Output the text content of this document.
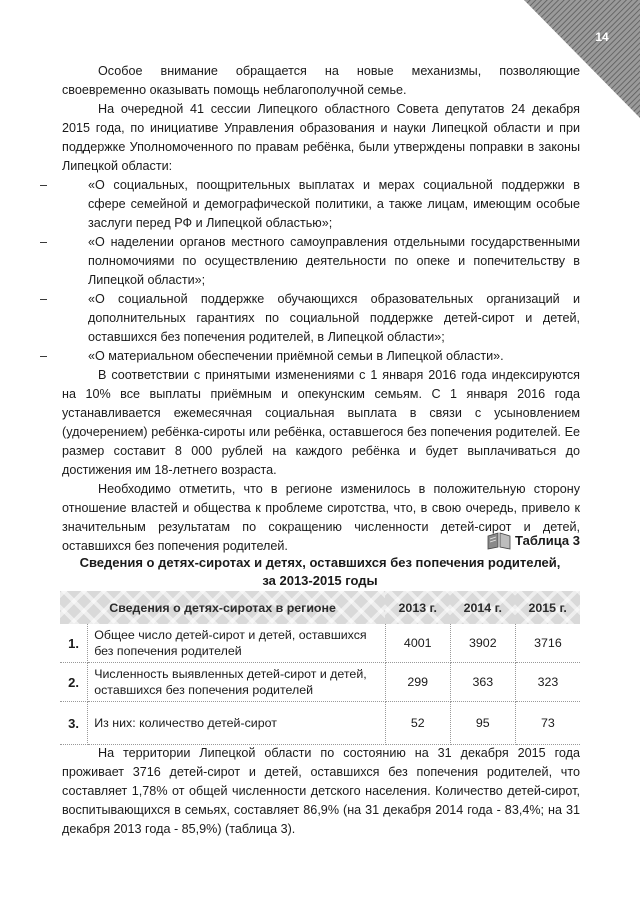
14

Особое внимание обращается на новые механизмы, позволяющие своевременно оказывать помощь неблагополучной семье.

На очередной 41 сессии Липецкого областного Совета депутатов 24 декабря 2015 года, по инициативе Управления образования и науки Липецкой области и при поддержке Уполномоченного по правам ребёнка, были утверждены поправки в законы Липецкой области:

–	«О социальных, поощрительных выплатах и мерах социальной поддержки в сфере семейной и демографической политики, а также лицам, имеющим особые заслуги перед РФ и Липецкой областью»;
–	«О наделении органов местного самоуправления отдельными государственными полномочиями по осуществлению деятельности по опеке и попечительству в Липецкой области»;
–	«О социальной поддержке обучающихся образовательных организаций и дополнительных гарантиях по социальной поддержке детей-сирот и детей, оставшихся без попечения родителей, в Липецкой области»;
–	«О материальном обеспечении приёмной семьи в Липецкой области».

В соответствии с принятыми изменениями с 1 января 2016 года индексируются на 10% все выплаты приёмным и опекунским семьям. С 1 января 2016 года устанавливается ежемесячная социальная выплата в связи с усыновлением (удочерением) ребёнка-сироты или ребёнка, оставшегося без попечения родителей. Ее размер составит 8 000 рублей на каждого ребёнка и будет выплачиваться до достижения им 18-летнего возраста.

Необходимо отметить, что в регионе изменилось в положительную сторону отношение властей и общества к проблеме сиротства, что, в свою очередь, привело к значительным результатам по сокращению численности детей-сирот и детей, оставшихся без попечения родителей.	Таблица 3
Сведения о детях-сиротах и детях, оставшихся без попечения родителей,
за 2013-2015 годы
Сведения о детях-сиротах в регионе		2013 г.	2014 г.	2015 г.
1.	Общее число детей-сирот и детей, оставшихся без попечения родителей	4001	3902	3716
2.	Численность выявленных детей-сирот и детей, оставшихся без попечения родителей	299	363	323
3.	Из них: количество детей-сирот	52	95	73

На территории Липецкой области по состоянию на 31 декабря 2015 года проживает 3716 детей-сирот и детей, оставшихся без попечения родителей, что составляет 1,78% от общей численности детского населения. Количество детей-сирот, воспитывающихся в семьях, составляет 86,9% (на 31 декабря 2014 года - 83,4%; на 31 декабря 2013 года - 85,9%) (таблица 3).
